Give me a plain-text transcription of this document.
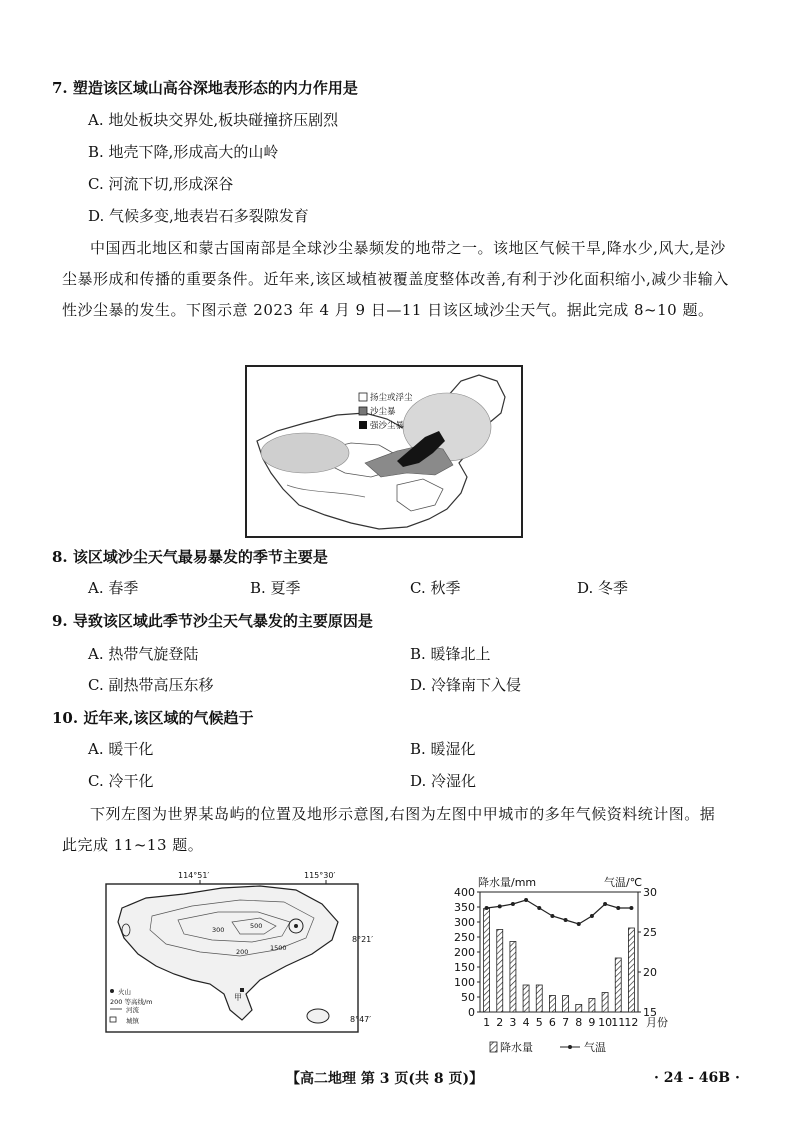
7. 塑造该区域山高谷深地表形态的内力作用是
A. 地处板块交界处,板块碰撞挤压剧烈
B. 地壳下降,形成高大的山岭
C. 河流下切,形成深谷
D. 气候多变,地表岩石多裂隙发育
中国西北地区和蒙古国南部是全球沙尘暴频发的地带之一。该地区气候干旱,降水少,风大,是沙尘暴形成和传播的重要条件。近年来,该区域植被覆盖度整体改善,有利于沙化面积缩小,减少非输入性沙尘暴的发生。下图示意 2023 年 4 月 9 日—11 日该区域沙尘天气。据此完成 8~10 题。
扬尘或浮尘
沙尘暴
强沙尘暴
8. 该区域沙尘天气最易暴发的季节主要是
A. 春季	B. 夏季	C. 秋季	D. 冬季
9. 导致该区域此季节沙尘天气暴发的主要原因是
A. 热带气旋登陆	B. 暖锋北上
C. 副热带高压东移	D. 冷锋南下入侵
10. 近年来,该区域的气候趋于
A. 暖干化	B. 暖湿化
C. 冷干化	D. 冷湿化
下列左图为世界某岛屿的位置及地形示意图,右图为左图中甲城市的多年气候资料统计图。据此完成 11~13 题。
114°51′	115°30′
8°21′
8°47′
500
300
200	1500
甲
火山
200 等高线/m
河流
城镇
0
50
100
150
200
250
300
350
400
15
20
25
30
1 2 3 4 5 6 7 8 9 10 11 12
降水量/mm	气温/℃
月份
降水量	气温
【高二地理 第 3 页(共 8 页)】	· 24 - 46B ·
